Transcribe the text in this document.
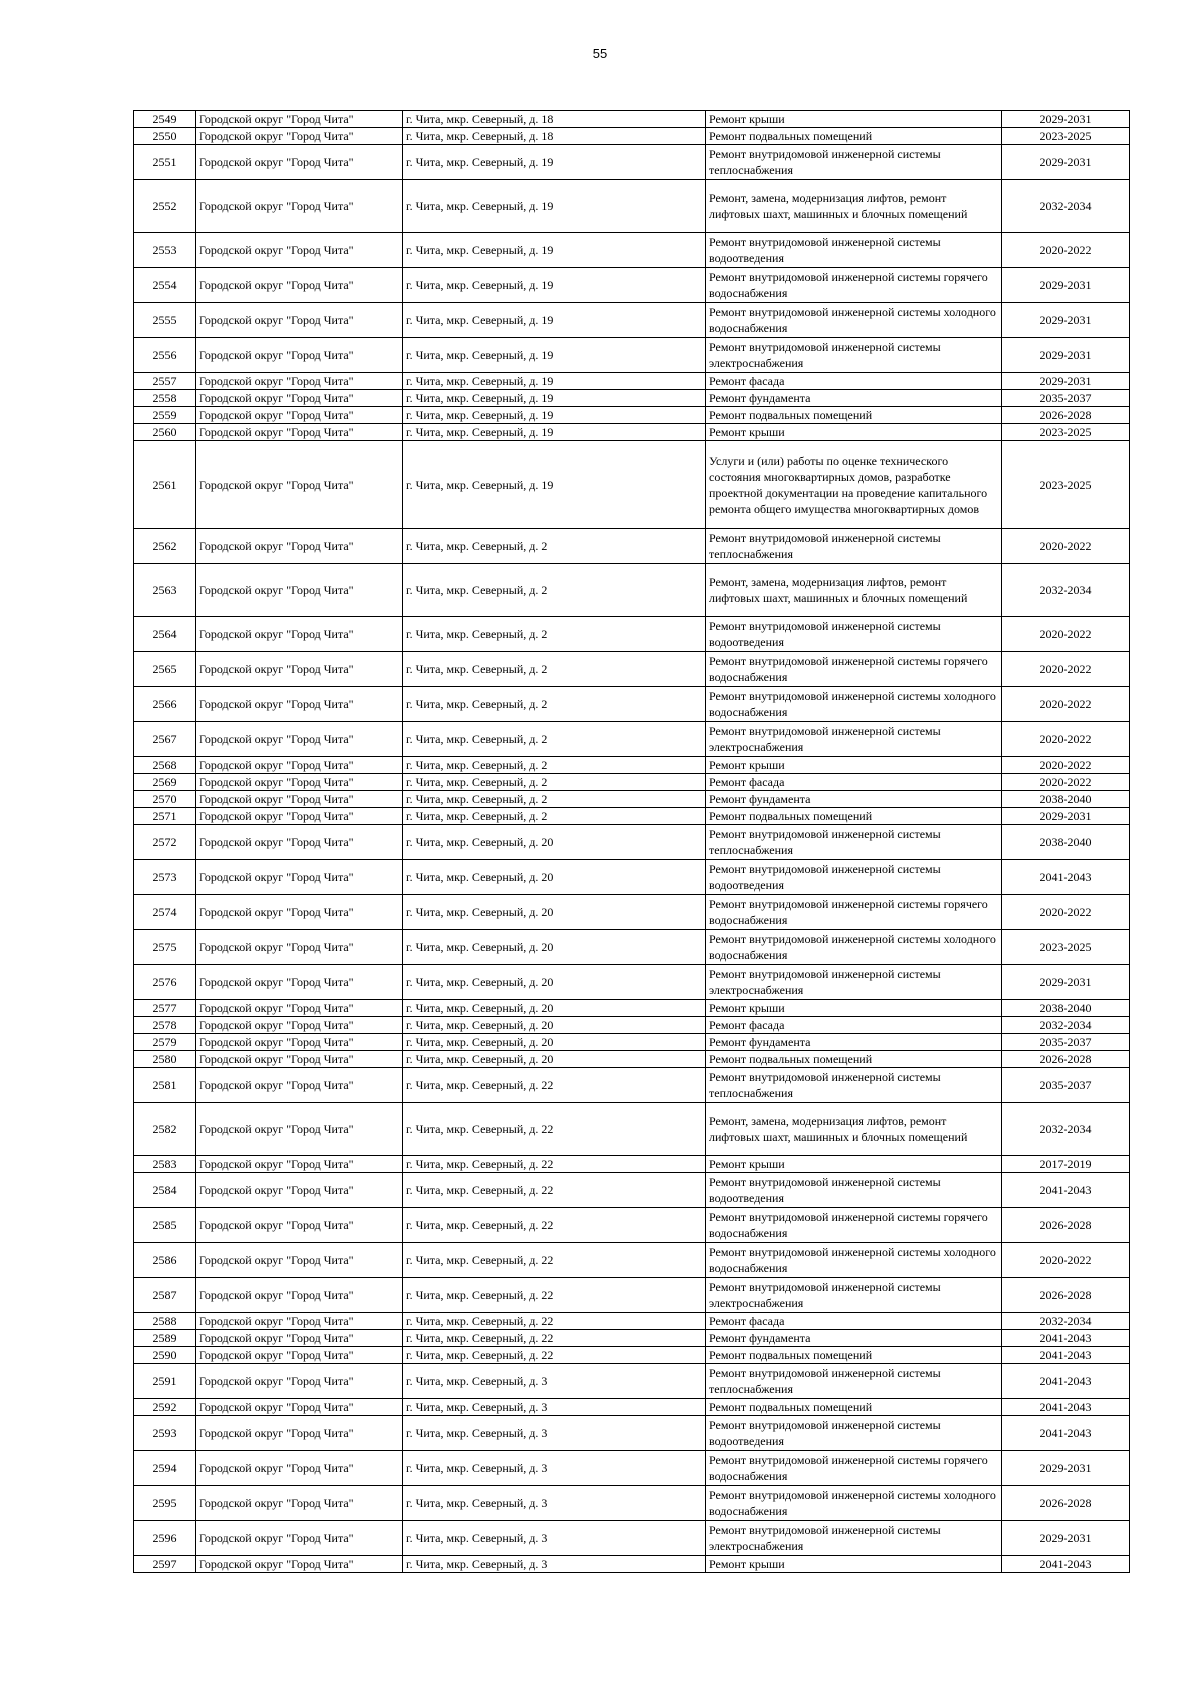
55
2549	Городской округ "Город Чита"	г. Чита, мкр. Северный, д. 18	Ремонт крыши	2029-2031
2550	Городской округ "Город Чита"	г. Чита, мкр. Северный, д. 18	Ремонт подвальных помещений	2023-2025
2551	Городской округ "Город Чита"	г. Чита, мкр. Северный, д. 19	Ремонт внутридомовой инженерной системы теплоснабжения	2029-2031
2552	Городской округ "Город Чита"	г. Чита, мкр. Северный, д. 19	Ремонт, замена, модернизация лифтов, ремонт лифтовых шахт, машинных и блочных помещений	2032-2034
2553	Городской округ "Город Чита"	г. Чита, мкр. Северный, д. 19	Ремонт внутридомовой инженерной системы водоотведения	2020-2022
2554	Городской округ "Город Чита"	г. Чита, мкр. Северный, д. 19	Ремонт внутридомовой инженерной системы горячего водоснабжения	2029-2031
2555	Городской округ "Город Чита"	г. Чита, мкр. Северный, д. 19	Ремонт внутридомовой инженерной системы холодного водоснабжения	2029-2031
2556	Городской округ "Город Чита"	г. Чита, мкр. Северный, д. 19	Ремонт внутридомовой инженерной системы электроснабжения	2029-2031
2557	Городской округ "Город Чита"	г. Чита, мкр. Северный, д. 19	Ремонт фасада	2029-2031
2558	Городской округ "Город Чита"	г. Чита, мкр. Северный, д. 19	Ремонт фундамента	2035-2037
2559	Городской округ "Город Чита"	г. Чита, мкр. Северный, д. 19	Ремонт подвальных помещений	2026-2028
2560	Городской округ "Город Чита"	г. Чита, мкр. Северный, д. 19	Ремонт крыши	2023-2025
2561	Городской округ "Город Чита"	г. Чита, мкр. Северный, д. 19	Услуги и (или) работы по оценке технического состояния многоквартирных домов, разработке проектной документации на проведение капитального ремонта общего имущества многоквартирных домов	2023-2025
2562	Городской округ "Город Чита"	г. Чита, мкр. Северный, д. 2	Ремонт внутридомовой инженерной системы теплоснабжения	2020-2022
2563	Городской округ "Город Чита"	г. Чита, мкр. Северный, д. 2	Ремонт, замена, модернизация лифтов, ремонт лифтовых шахт, машинных и блочных помещений	2032-2034
2564	Городской округ "Город Чита"	г. Чита, мкр. Северный, д. 2	Ремонт внутридомовой инженерной системы водоотведения	2020-2022
2565	Городской округ "Город Чита"	г. Чита, мкр. Северный, д. 2	Ремонт внутридомовой инженерной системы горячего водоснабжения	2020-2022
2566	Городской округ "Город Чита"	г. Чита, мкр. Северный, д. 2	Ремонт внутридомовой инженерной системы холодного водоснабжения	2020-2022
2567	Городской округ "Город Чита"	г. Чита, мкр. Северный, д. 2	Ремонт внутридомовой инженерной системы электроснабжения	2020-2022
2568	Городской округ "Город Чита"	г. Чита, мкр. Северный, д. 2	Ремонт крыши	2020-2022
2569	Городской округ "Город Чита"	г. Чита, мкр. Северный, д. 2	Ремонт фасада	2020-2022
2570	Городской округ "Город Чита"	г. Чита, мкр. Северный, д. 2	Ремонт фундамента	2038-2040
2571	Городской округ "Город Чита"	г. Чита, мкр. Северный, д. 2	Ремонт подвальных помещений	2029-2031
2572	Городской округ "Город Чита"	г. Чита, мкр. Северный, д. 20	Ремонт внутридомовой инженерной системы теплоснабжения	2038-2040
2573	Городской округ "Город Чита"	г. Чита, мкр. Северный, д. 20	Ремонт внутридомовой инженерной системы водоотведения	2041-2043
2574	Городской округ "Город Чита"	г. Чита, мкр. Северный, д. 20	Ремонт внутридомовой инженерной системы горячего водоснабжения	2020-2022
2575	Городской округ "Город Чита"	г. Чита, мкр. Северный, д. 20	Ремонт внутридомовой инженерной системы холодного водоснабжения	2023-2025
2576	Городской округ "Город Чита"	г. Чита, мкр. Северный, д. 20	Ремонт внутридомовой инженерной системы электроснабжения	2029-2031
2577	Городской округ "Город Чита"	г. Чита, мкр. Северный, д. 20	Ремонт крыши	2038-2040
2578	Городской округ "Город Чита"	г. Чита, мкр. Северный, д. 20	Ремонт фасада	2032-2034
2579	Городской округ "Город Чита"	г. Чита, мкр. Северный, д. 20	Ремонт фундамента	2035-2037
2580	Городской округ "Город Чита"	г. Чита, мкр. Северный, д. 20	Ремонт подвальных помещений	2026-2028
2581	Городской округ "Город Чита"	г. Чита, мкр. Северный, д. 22	Ремонт внутридомовой инженерной системы теплоснабжения	2035-2037
2582	Городской округ "Город Чита"	г. Чита, мкр. Северный, д. 22	Ремонт, замена, модернизация лифтов, ремонт лифтовых шахт, машинных и блочных помещений	2032-2034
2583	Городской округ "Город Чита"	г. Чита, мкр. Северный, д. 22	Ремонт крыши	2017-2019
2584	Городской округ "Город Чита"	г. Чита, мкр. Северный, д. 22	Ремонт внутридомовой инженерной системы водоотведения	2041-2043
2585	Городской округ "Город Чита"	г. Чита, мкр. Северный, д. 22	Ремонт внутридомовой инженерной системы горячего водоснабжения	2026-2028
2586	Городской округ "Город Чита"	г. Чита, мкр. Северный, д. 22	Ремонт внутридомовой инженерной системы холодного водоснабжения	2020-2022
2587	Городской округ "Город Чита"	г. Чита, мкр. Северный, д. 22	Ремонт внутридомовой инженерной системы электроснабжения	2026-2028
2588	Городской округ "Город Чита"	г. Чита, мкр. Северный, д. 22	Ремонт фасада	2032-2034
2589	Городской округ "Город Чита"	г. Чита, мкр. Северный, д. 22	Ремонт фундамента	2041-2043
2590	Городской округ "Город Чита"	г. Чита, мкр. Северный, д. 22	Ремонт подвальных помещений	2041-2043
2591	Городской округ "Город Чита"	г. Чита, мкр. Северный, д. 3	Ремонт внутридомовой инженерной системы теплоснабжения	2041-2043
2592	Городской округ "Город Чита"	г. Чита, мкр. Северный, д. 3	Ремонт подвальных помещений	2041-2043
2593	Городской округ "Город Чита"	г. Чита, мкр. Северный, д. 3	Ремонт внутридомовой инженерной системы водоотведения	2041-2043
2594	Городской округ "Город Чита"	г. Чита, мкр. Северный, д. 3	Ремонт внутридомовой инженерной системы горячего водоснабжения	2029-2031
2595	Городской округ "Город Чита"	г. Чита, мкр. Северный, д. 3	Ремонт внутридомовой инженерной системы холодного водоснабжения	2026-2028
2596	Городской округ "Город Чита"	г. Чита, мкр. Северный, д. 3	Ремонт внутридомовой инженерной системы электроснабжения	2029-2031
2597	Городской округ "Город Чита"	г. Чита, мкр. Северный, д. 3	Ремонт крыши	2041-2043
